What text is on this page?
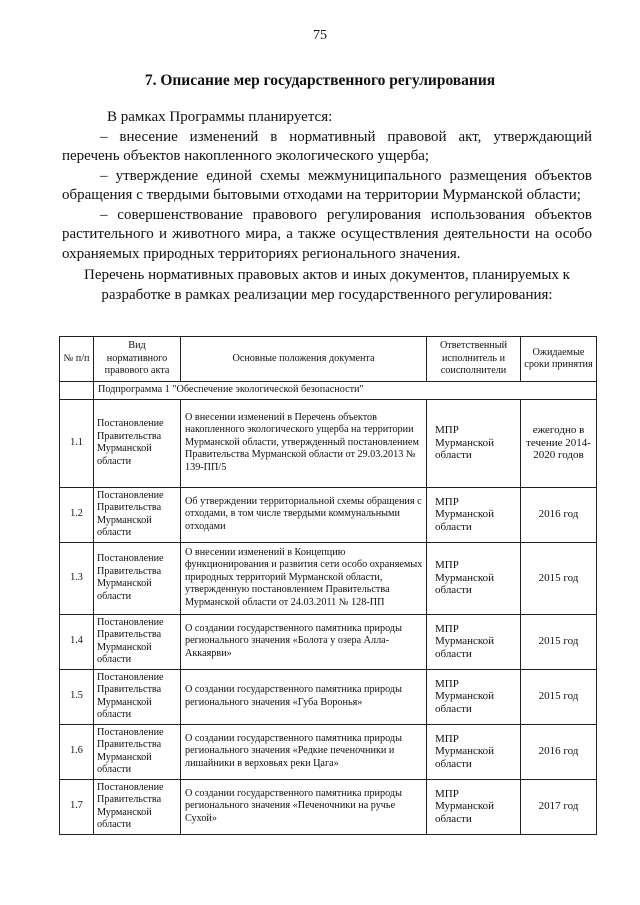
75
7. Описание мер государственного регулирования

В рамках Программы планируется:

– внесение изменений в нормативный правовой акт, утверждающий перечень объектов накопленного экологического ущерба;

– утверждение единой схемы межмуниципального размещения объектов обращения с твердыми бытовыми отходами на территории Мурманской области;

– совершенствование правового регулирования использования объектов растительного и животного мира, а также осуществления деятельности на особо охраняемых природных территориях регионального значения.

Перечень нормативных правовых актов и иных документов, планируемых к разработке в рамках реализации мер государственного регулирования:
№ п/п	Вид нормативного правового акта	Основные положения документа	Ответственный исполнитель и соисполнители	Ожидаемые сроки принятия
	Подпрограмма 1 "Обеспечение экологической безопасности"			
1.1	Постановление Правительства Мурманской области	О внесении изменений в Перечень объектов накопленного экологического ущерба на территории Мурманской области, утвержденный постановлением Правительства Мурманской области от 29.03.2013 № 139-ПП/5	МПР Мурманской области	ежегодно в течение 2014-2020 годов
1.2	Постановление Правительства Мурманской области	Об утверждении территориальной схемы обращения с отходами, в том числе твердыми коммунальными отходами	МПР Мурманской области	2016 год
1.3	Постановление Правительства Мурманской области	О внесении изменений в Концепцию функционирования и развития сети особо охраняемых природных территорий Мурманской области, утвержденную постановлением Правительства Мурманской области от 24.03.2011 № 128-ПП	МПР Мурманской области	2015 год
1.4	Постановление Правительства Мурманской области	О создании государственного памятника природы регионального значения «Болота у озера Алла-Аккаярви»	МПР Мурманской области	2015 год
1.5	Постановление Правительства Мурманской области	О создании государственного памятника природы регионального значения «Губа Воронья»	МПР Мурманской области	2015 год
1.6	Постановление Правительства Мурманской области	О создании государственного памятника природы регионального значения «Редкие печеночники и лишайники в верховьях реки Цага»	МПР Мурманской области	2016 год
1.7	Постановление Правительства Мурманской области	О создании государственного памятника природы регионального значения «Печеночники на ручье Сухой»	МПР Мурманской области	2017 год
